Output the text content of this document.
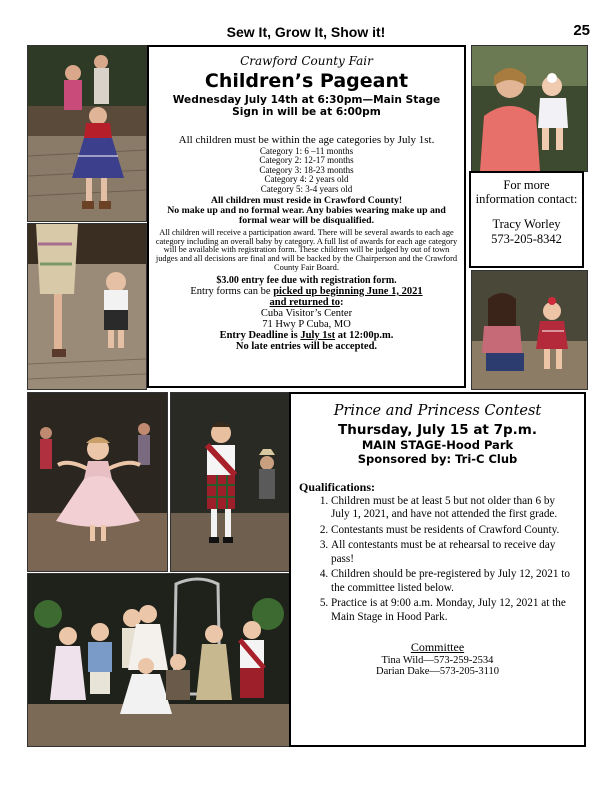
Sew It, Grow It, Show it!	25

Crawford County Fair

Children’s Pageant

Wednesday July 14th at 6:30pm—Main Stage

Sign in will be at 6:00pm

All children must be within the age categories by July 1st.

Category 1: 6 –11 months

Category 2: 12-17 months

Category 3: 18-23 months

Category 4: 2 years old

Category 5: 3-4 years old

All children must reside in Crawford County!

No make up and no formal wear. Any babies wearing make up and formal wear will be disqualified.

All children will receive a participation award. There will be several awards to each age category including an overall baby by category. A full list of awards for each age category will be available with registration form. These children will be judged by out of town judges and all decisions are final and will be backed by the Chairperson and the Crawford County Fair Board.

$3.00 entry fee due with registration form.

Entry forms can be picked up beginning June 1, 2021

and returned to:

Cuba Visitor’s Center

71 Hwy P Cuba, MO

Entry Deadline is July 1st at 12:00p.m.

No late entries will be accepted.

For more information contact:

Tracy Worley

573-205-8342

Prince and Princess Contest

Thursday, July 15 at 7p.m.

MAIN STAGE-Hood Park

Sponsored by: Tri-C Club

Qualifications:

1. Children must be at least 5 but not older than 6 by July 1, 2021, and have not attended the first grade.
2. Contestants must be residents of Crawford County.
3. All contestants must be at rehearsal to receive day pass!
4. Children should be pre-registered by July 12, 2021 to the committee listed below.
5. Practice is at 9:00 a.m. Monday, July 12, 2021 at the Main Stage in Hood Park.

Committee

Tina Wild—573-259-2534

Darian Dake—573-205-3110
